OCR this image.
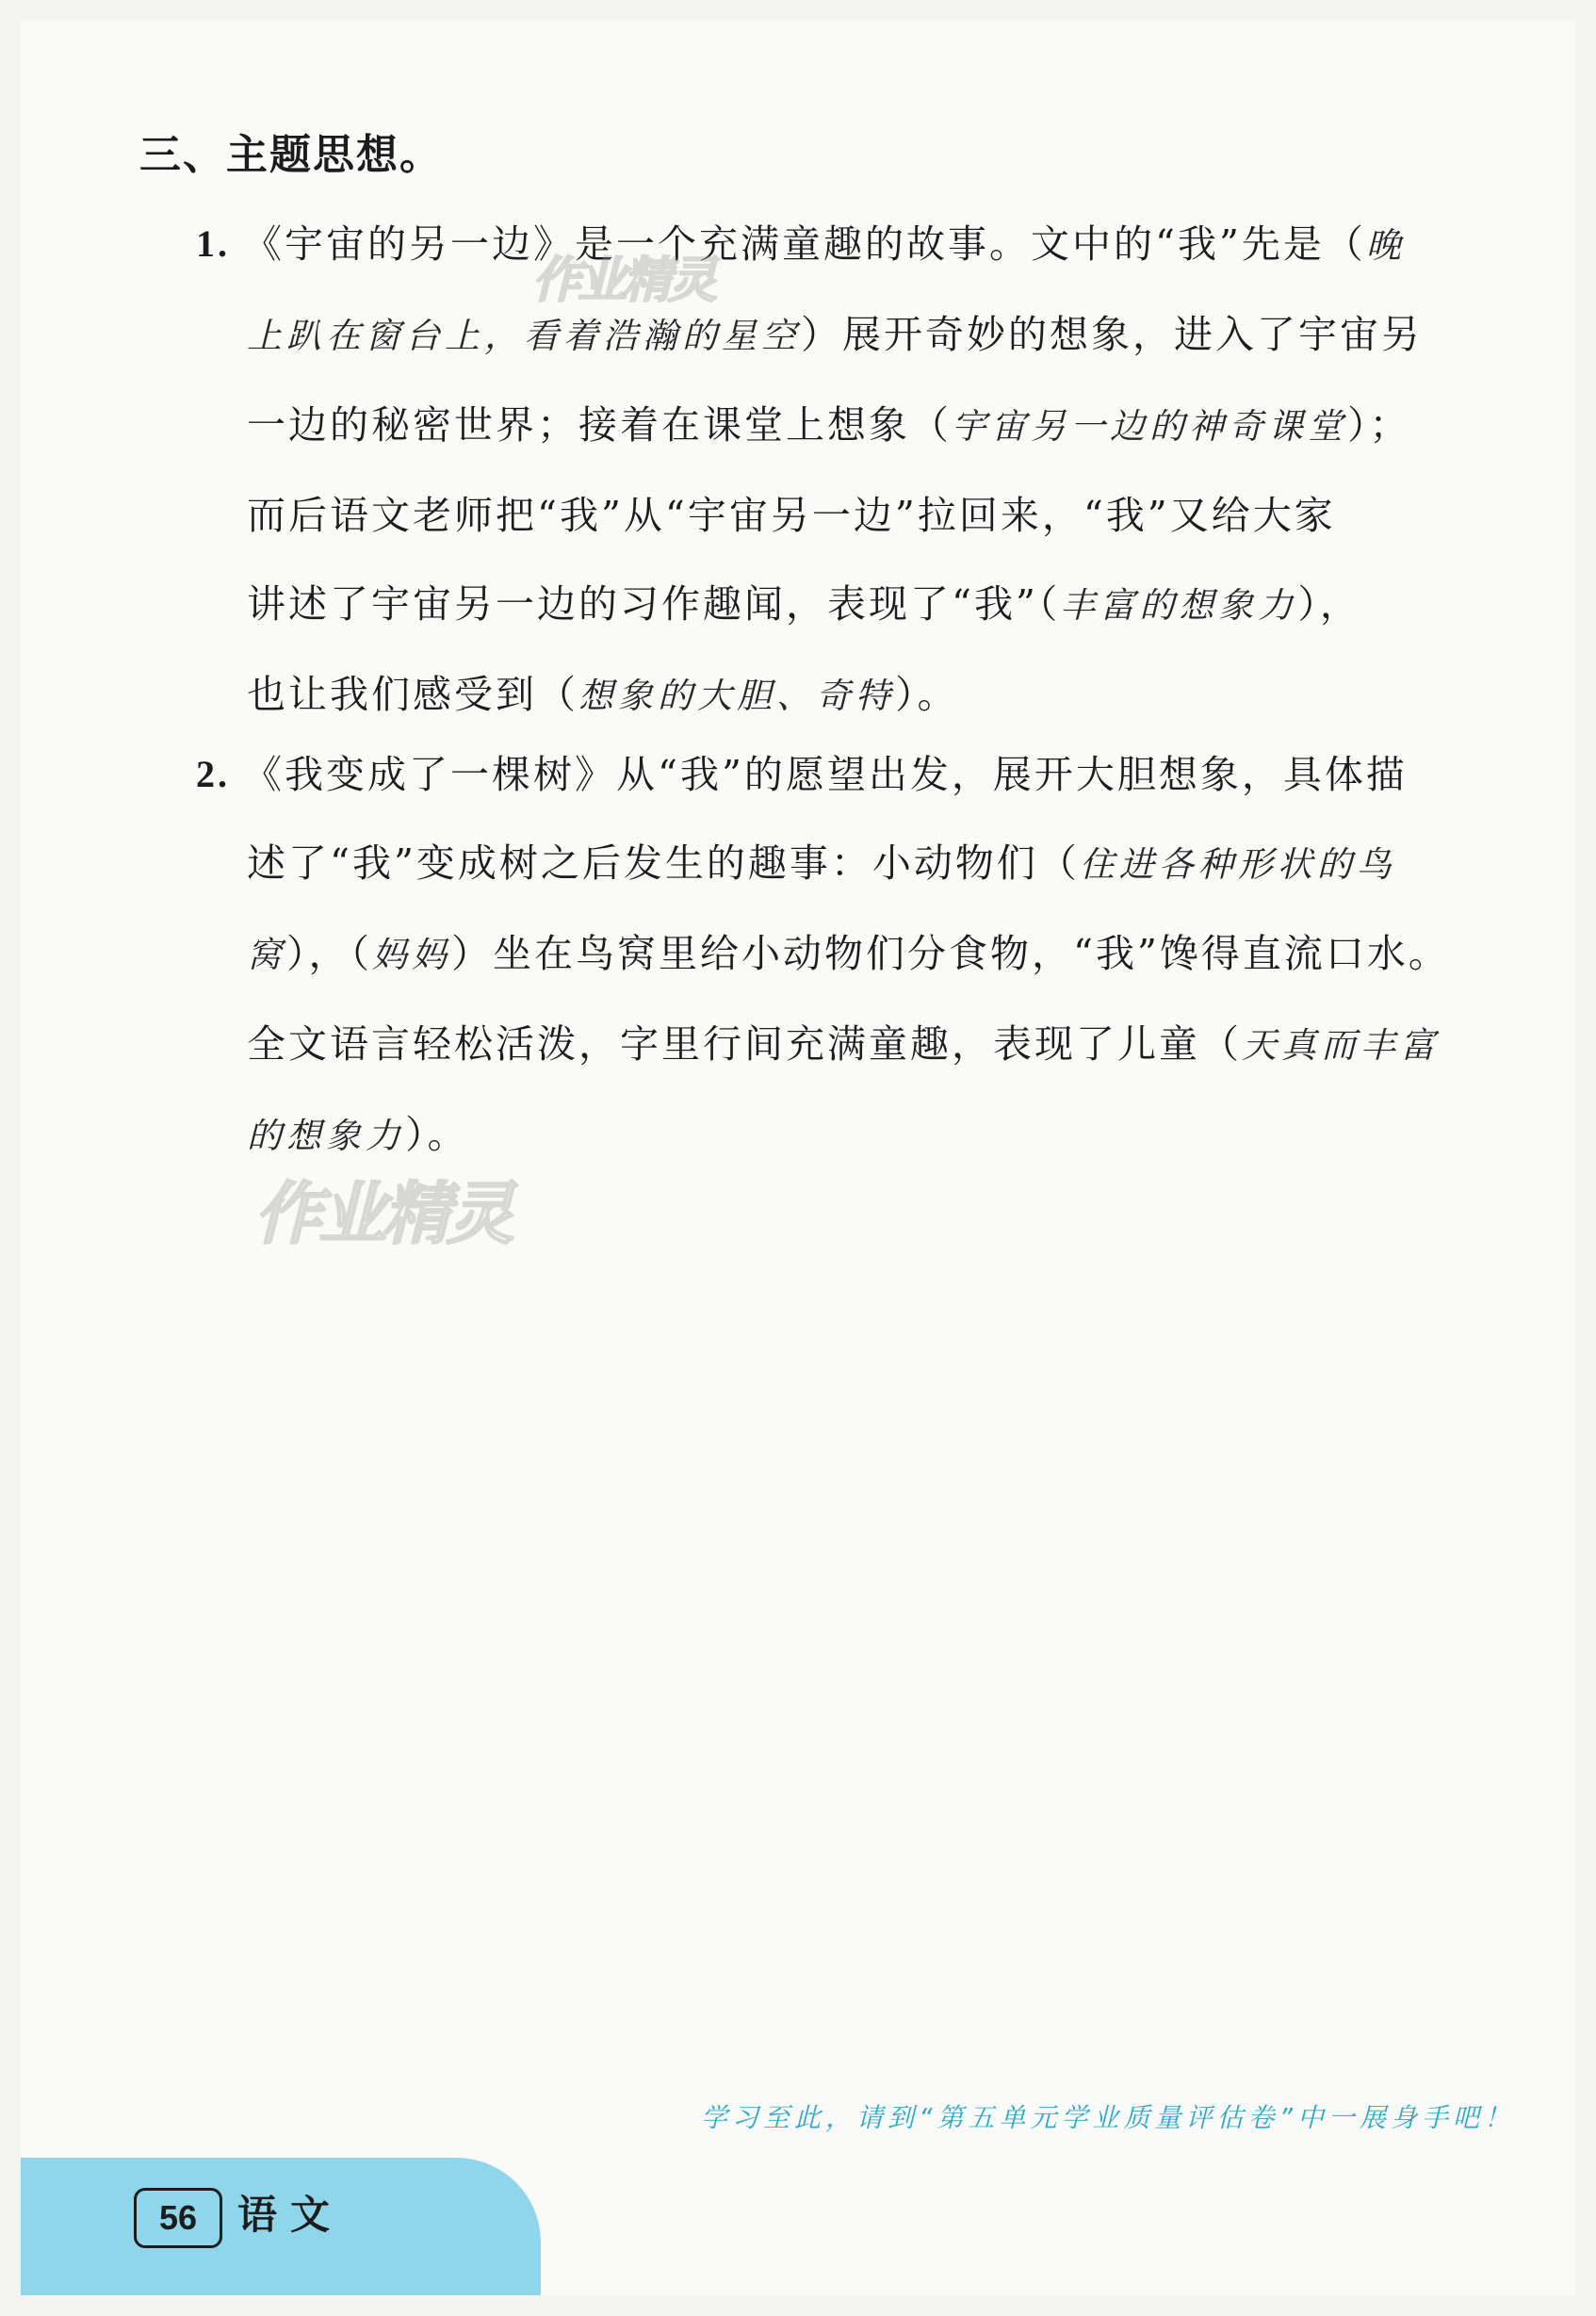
三、主题思想。
1. 《宇宙的另一边》是一个充满童趣的故事。文中的“我”先是（晚
上趴在窗台上，看着浩瀚的星空）展开奇妙的想象，进入了宇宙另
一边的秘密世界；接着在课堂上想象（宇宙另一边的神奇课堂）；
而后语文老师把“我”从“宇宙另一边”拉回来，“我”又给大家
讲述了宇宙另一边的习作趣闻，表现了“我”（丰富的想象力），
也让我们感受到（想象的大胆、奇特）。
2. 《我变成了一棵树》从“我”的愿望出发，展开大胆想象，具体描
述了“我”变成树之后发生的趣事：小动物们（住进各种形状的鸟
窝），（妈妈）坐在鸟窝里给小动物们分食物，“我”馋得直流口水。
全文语言轻松活泼，字里行间充满童趣，表现了儿童（天真而丰富
的想象力）。
作业精灵
作业精灵
学习至此，请到“第五单元学业质量评估卷”中一展身手吧！
56	语文
